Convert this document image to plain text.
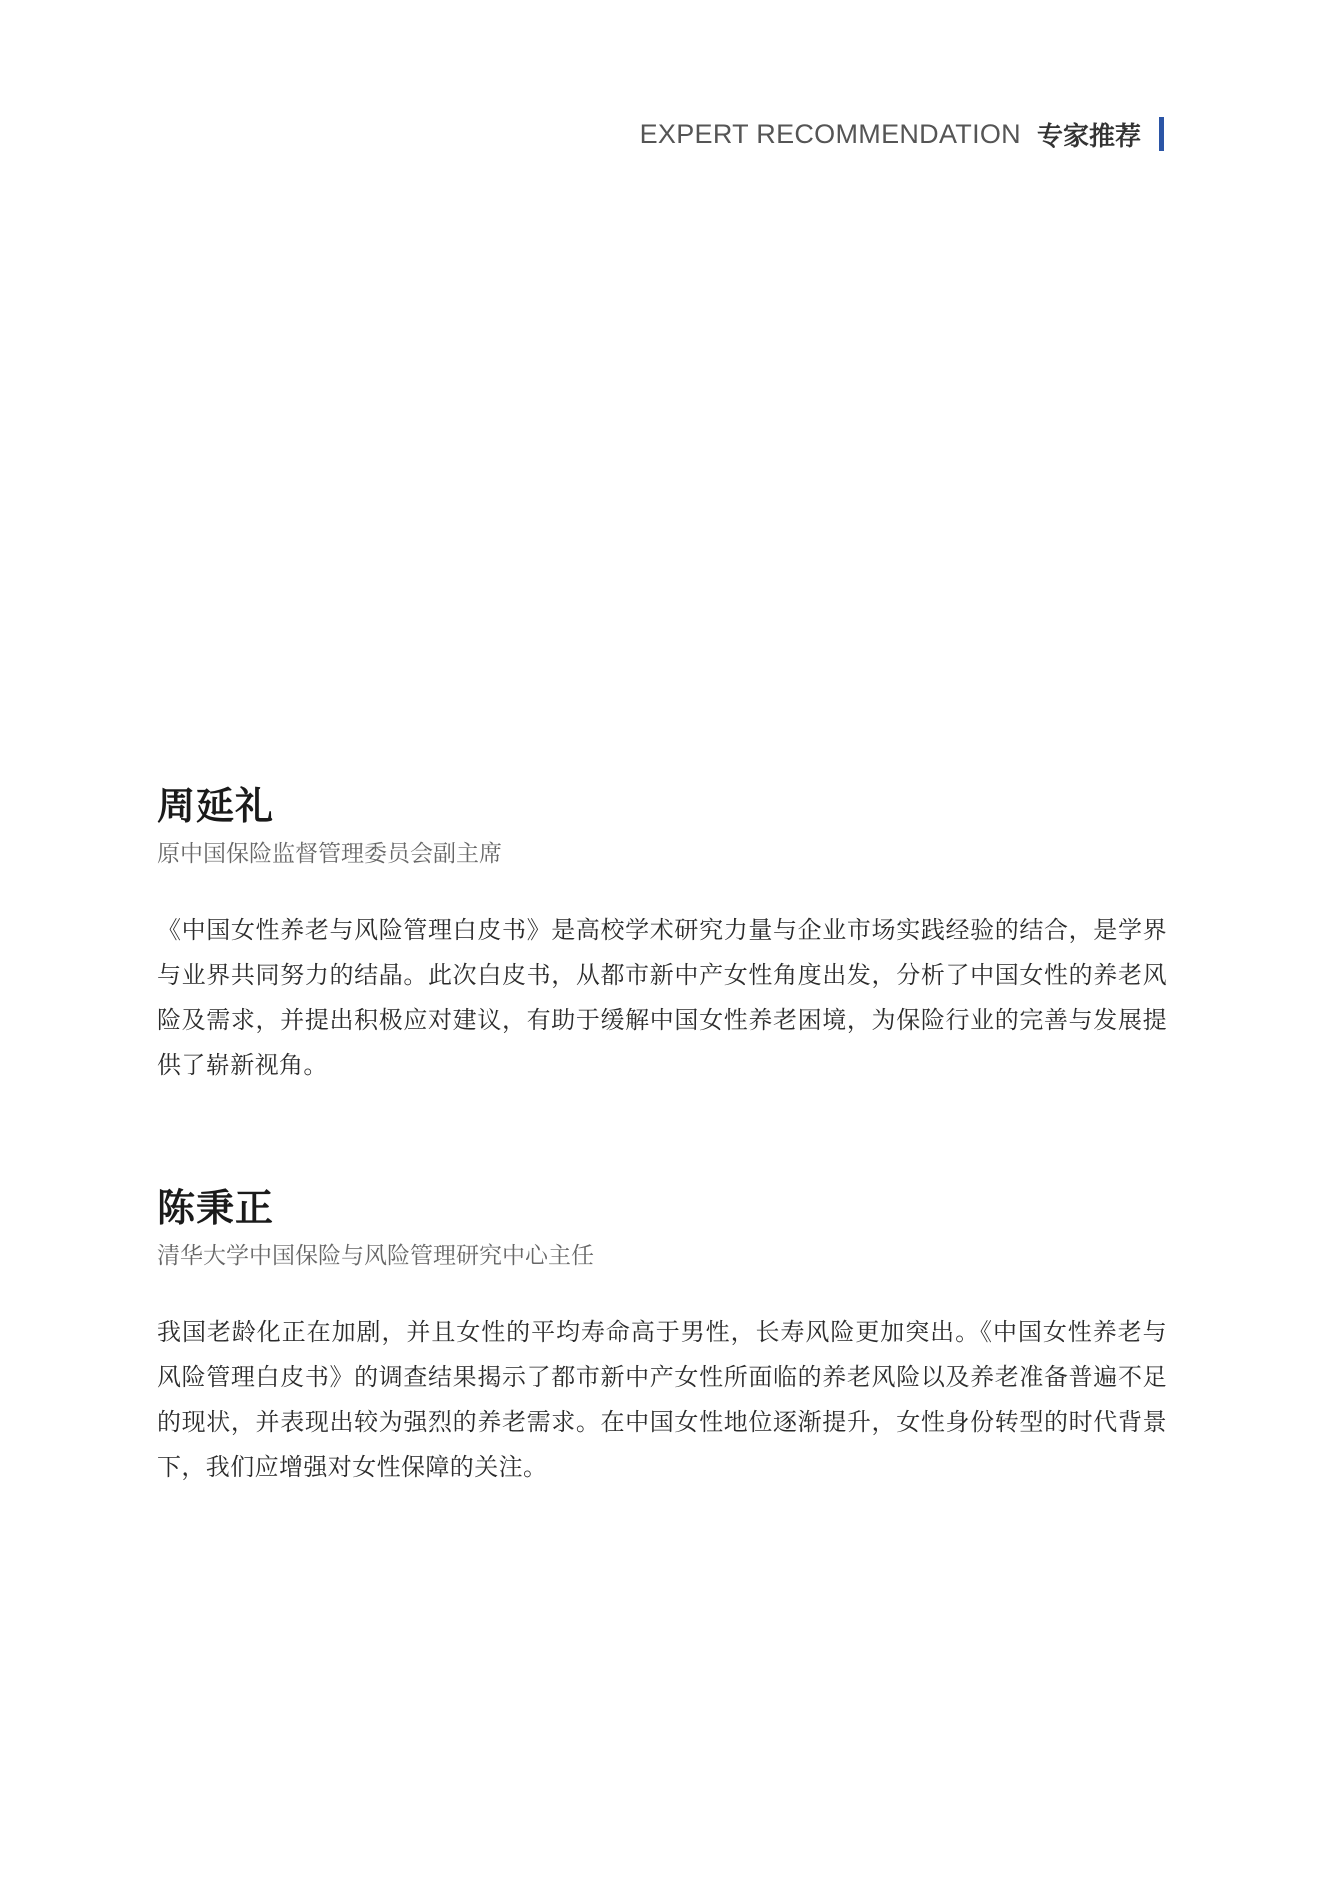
EXPERT RECOMMENDATION 专家推荐
周延礼
原中国保险监督管理委员会副主席
《中国女性养老与风险管理白皮书》是高校学术研究力量与企业市场实践经验的结合，是学界与业界共同努力的结晶。此次白皮书，从都市新中产女性角度出发，分析了中国女性的养老风险及需求，并提出积极应对建议，有助于缓解中国女性养老困境，为保险行业的完善与发展提供了崭新视角。
陈秉正
清华大学中国保险与风险管理研究中心主任
我国老龄化正在加剧，并且女性的平均寿命高于男性，长寿风险更加突出。《中国女性养老与风险管理白皮书》的调查结果揭示了都市新中产女性所面临的养老风险以及养老准备普遍不足的现状，并表现出较为强烈的养老需求。在中国女性地位逐渐提升，女性身份转型的时代背景下，我们应增强对女性保障的关注。
